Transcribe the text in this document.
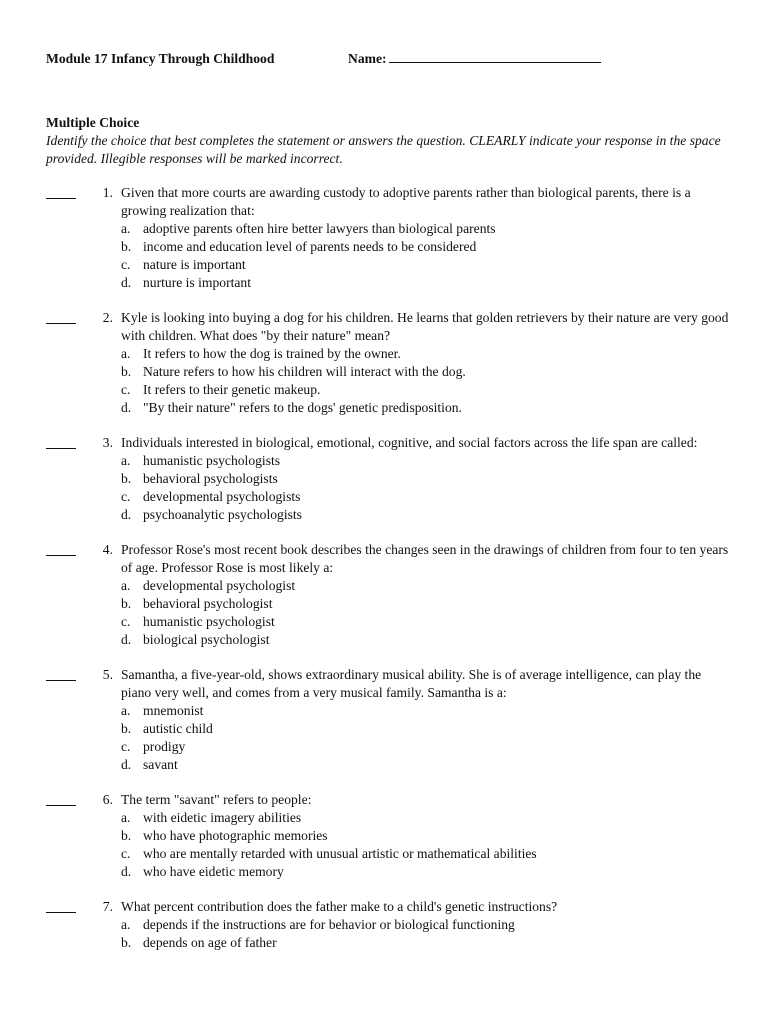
Module 17 Infancy Through Childhood	Name:
Multiple Choice
Identify the choice that best completes the statement or answers the question. CLEARLY indicate your response in the space provided. Illegible responses will be marked incorrect.
1. Given that more courts are awarding custody to adoptive parents rather than biological parents, there is a growing realization that:
a. adoptive parents often hire better lawyers than biological parents
b. income and education level of parents needs to be considered
c. nature is important
d. nurture is important
2. Kyle is looking into buying a dog for his children. He learns that golden retrievers by their nature are very good with children. What does "by their nature" mean?
a. It refers to how the dog is trained by the owner.
b. Nature refers to how his children will interact with the dog.
c. It refers to their genetic makeup.
d. "By their nature" refers to the dogs' genetic predisposition.
3. Individuals interested in biological, emotional, cognitive, and social factors across the life span are called:
a. humanistic psychologists
b. behavioral psychologists
c. developmental psychologists
d. psychoanalytic psychologists
4. Professor Rose's most recent book describes the changes seen in the drawings of children from four to ten years of age. Professor Rose is most likely a:
a. developmental psychologist
b. behavioral psychologist
c. humanistic psychologist
d. biological psychologist
5. Samantha, a five-year-old, shows extraordinary musical ability. She is of average intelligence, can play the piano very well, and comes from a very musical family. Samantha is a:
a. mnemonist
b. autistic child
c. prodigy
d. savant
6. The term "savant" refers to people:
a. with eidetic imagery abilities
b. who have photographic memories
c. who are mentally retarded with unusual artistic or mathematical abilities
d. who have eidetic memory
7. What percent contribution does the father make to a child's genetic instructions?
a. depends if the instructions are for behavior or biological functioning
b. depends on age of father
